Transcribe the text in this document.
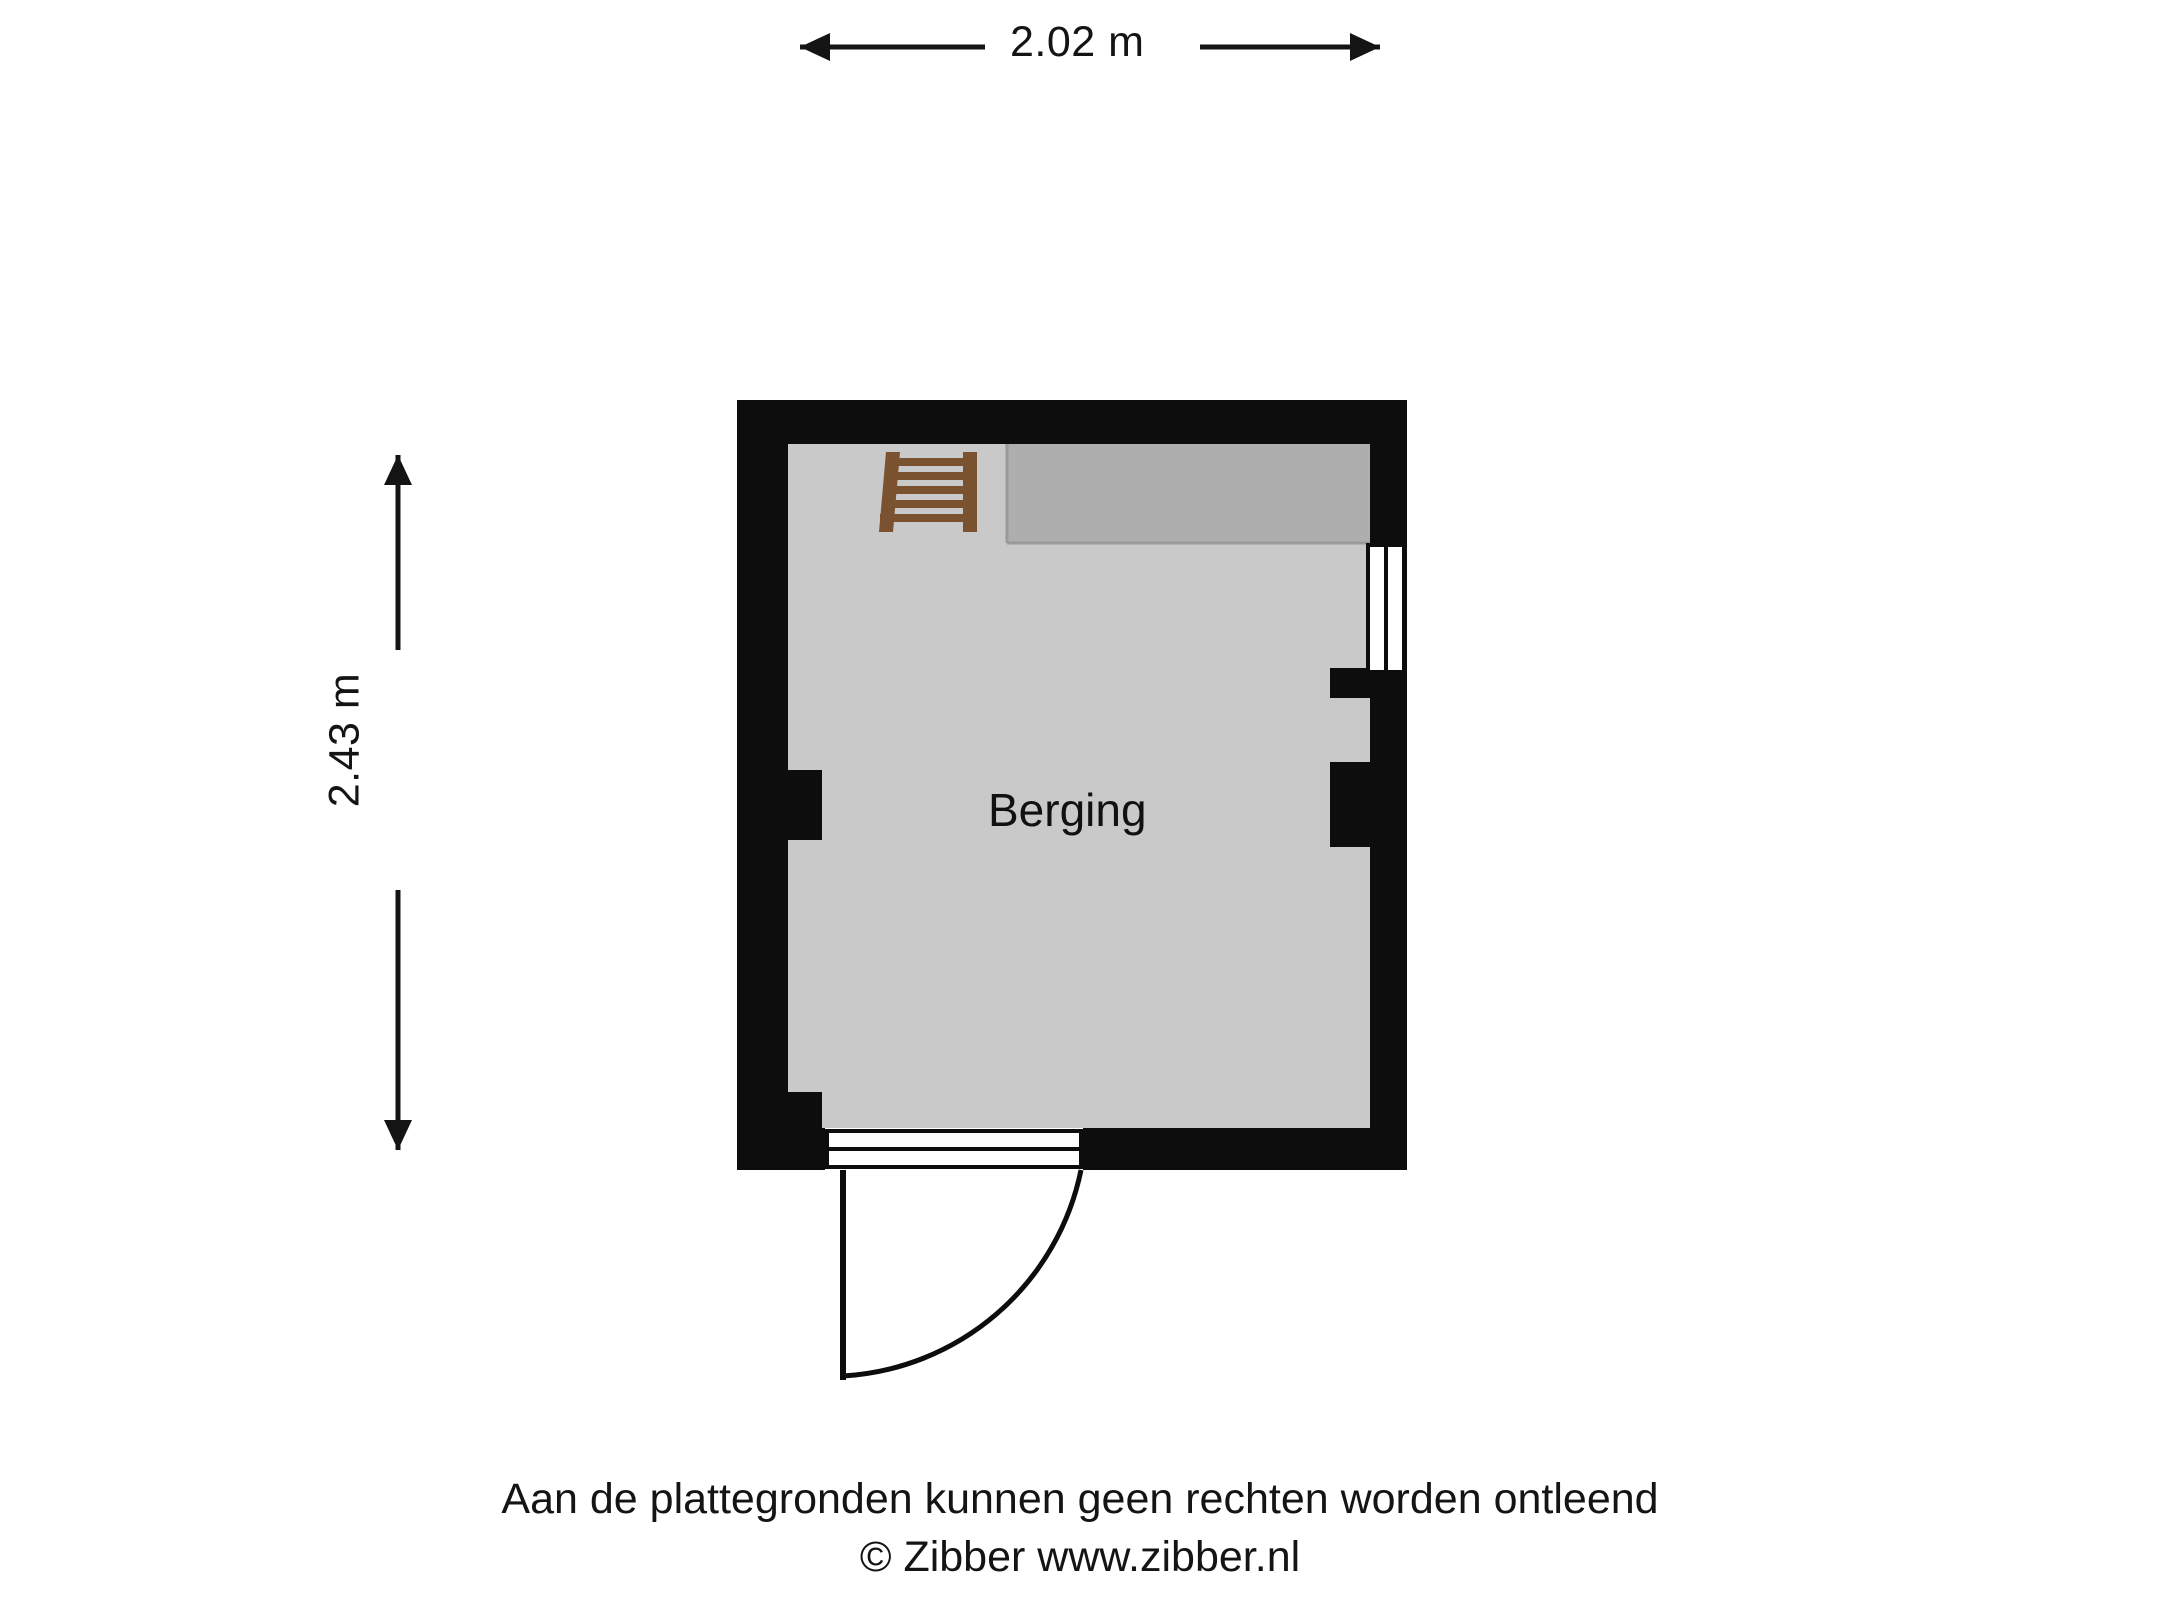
2.02 m
2.43 m
Berging
Aan de plattegronden kunnen geen rechten worden ontleend
© Zibber www.zibber.nl
